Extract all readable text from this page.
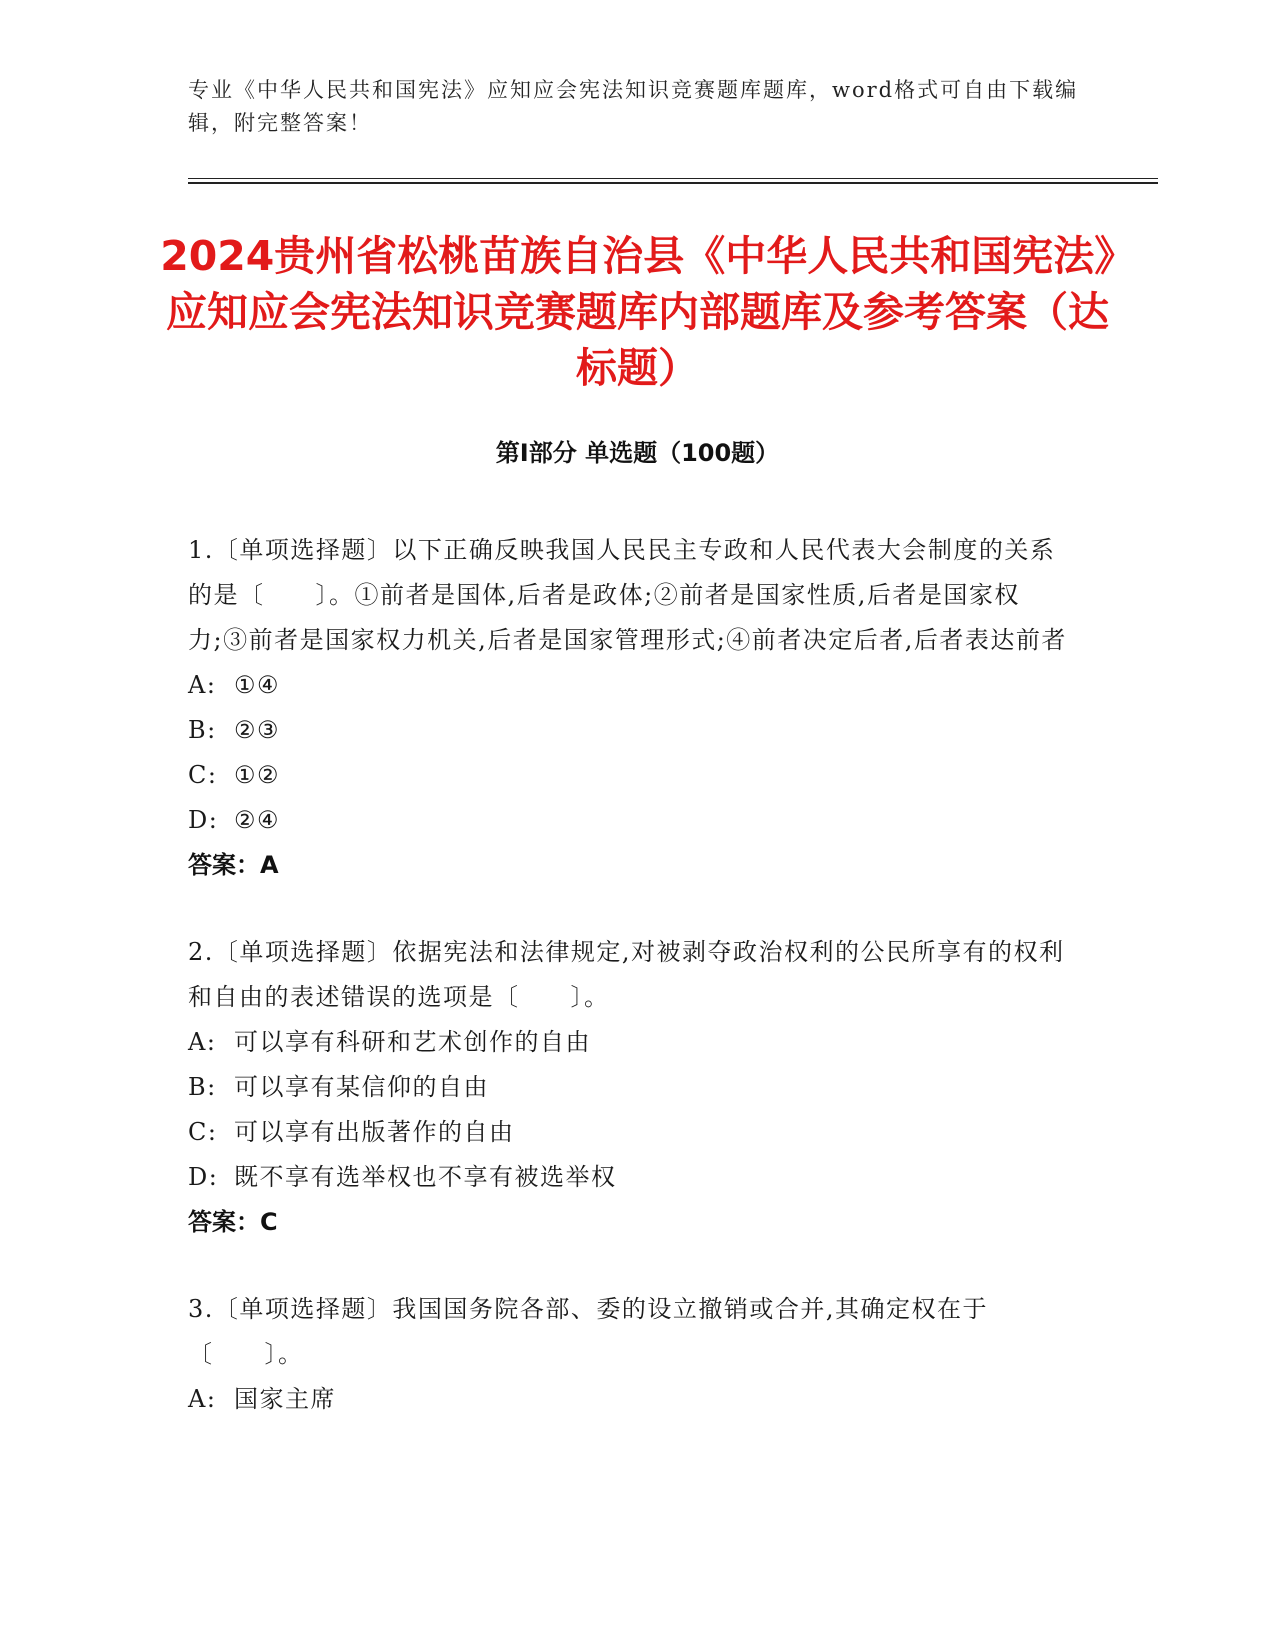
专业《中华人民共和国宪法》应知应会宪法知识竞赛题库题库，word格式可自由下载编辑，附完整答案！
2024贵州省松桃苗族自治县《中华人民共和国宪法》应知应会宪法知识竞赛题库内部题库及参考答案（达标题）
第Ⅰ部分 单选题（100题）

1.〔单项选择题〕以下正确反映我国人民民主专政和人民代表大会制度的关系的是〔　　〕。①前者是国体,后者是政体;②前者是国家性质,后者是国家权力;③前者是国家权力机关,后者是国家管理形式;④前者决定后者,后者表达前者

A: ①④
B: ②③
C: ①②
D: ②④
答案：A

2.〔单项选择题〕依据宪法和法律规定,对被剥夺政治权利的公民所享有的权利和自由的表述错误的选项是〔　　〕。

A: 可以享有科研和艺术创作的自由
B: 可以享有某信仰的自由
C: 可以享有出版著作的自由
D: 既不享有选举权也不享有被选举权
答案：C

3.〔单项选择题〕我国国务院各部、委的设立撤销或合并,其确定权在于〔　　〕。

A: 国家主席
